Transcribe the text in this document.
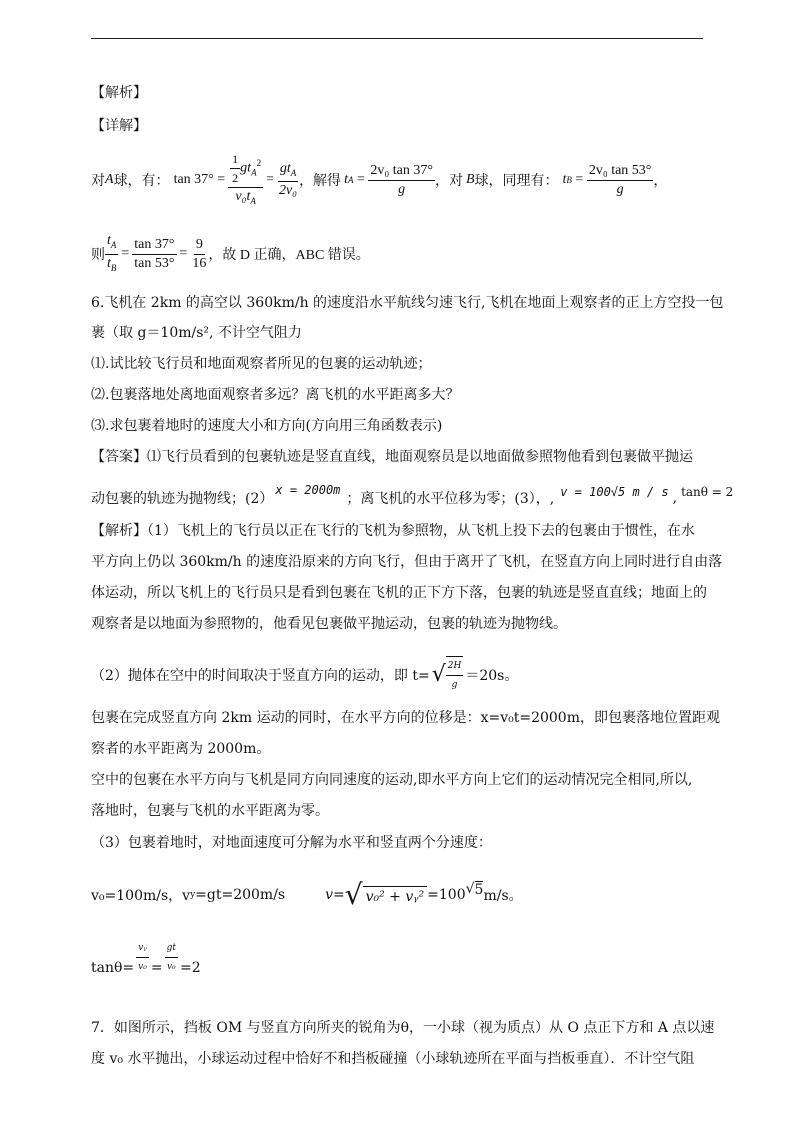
【解析】
【详解】
对 A 球，有： $\tan 37^\circ = \frac{\frac{1}{2} gt_A^2}{v_0t_A} = \frac{gt_A}{\text{2v₀}}$ ，解得 t $A = \frac{\text{2v₀ tan 37°}}{g}$ ，对 B 球，同理有： t $B = \frac{\text{2v₀ tan 53°}}{g}$ ，
则 $\frac{t_A}{t_B} = \frac{\tan 37^\circ}{\tan 53^\circ} = \frac{9}{16}$ ，故 D 正确，ABC 错误。
6.飞机在 2km 的高空以 360km/h 的速度沿水平航线匀速飞行,飞机在地面上观察者的正上方空投一包
裹（取 g＝10m/s², 不计空气阻力
⑴.试比较飞行员和地面观察者所见的包裹的运动轨迹；
⑵.包裹落地处离地面观察者多远？离飞机的水平距离多大？
⑶.求包裹着地时的速度大小和方向(方向用三角函数表示)
【答案】⑴飞行员看到的包裹轨迹是竖直直线，地面观察员是以地面做参照物他看到包裹做平抛运
动包裹的轨迹为抛物线；(2）
x = 2000m
；离飞机的水平位移为零；(3），, v = 100√5 m / s , tanθ = 2
【解析】（1）飞机上的飞行员以正在飞行的飞机为参照物，从飞机上投下去的包裹由于惯性，在水
平方向上仍以 360km/h 的速度沿原来的方向飞行，但由于离开了飞机，在竖直方向上同时进行自由落
体运动，所以飞机上的飞行员只是看到包裹在飞机的正下方下落，包裹的轨迹是竖直直线；地面上的
观察者是以地面为参照物的，他看见包裹做平抛运动，包裹的轨迹为抛物线。
（2）抛体在空中的时间取决于竖直方向的运动，即 t= √ $\frac{2H}{g} =20s$。
包裹在完成竖直方向 2km 运动的同时，在水平方向的位移是：x=v₀t=2000m，即包裹落地位置距观
察者的水平距离为 2000m。
空中的包裹在水平方向与飞机是同方向同速度的运动,即水平方向上它们的运动情况完全相同,所以,
落地时，包裹与飞机的水平距离为零。
（3）包裹着地时，对地面速度可分解为水平和竖直两个分速度：
v₀=100m/s，v y =gt=200m/s	v= √ v₀² + vᵧ² =100 √ 5 m/s。
$\tan\theta= \frac{\text{vᵧ}}{\text{v₀}} = \frac{gt}{\text{v₀}} =2$
7．如图所示，挡板 OM 与竖直方向所夹的锐角为θ，一小球（视为质点）从 O 点正下方和 A 点以速
度 v₀ 水平抛出，小球运动过程中恰好不和挡板碰撞（小球轨迹所在平面与挡板垂直）．不计空气阻
